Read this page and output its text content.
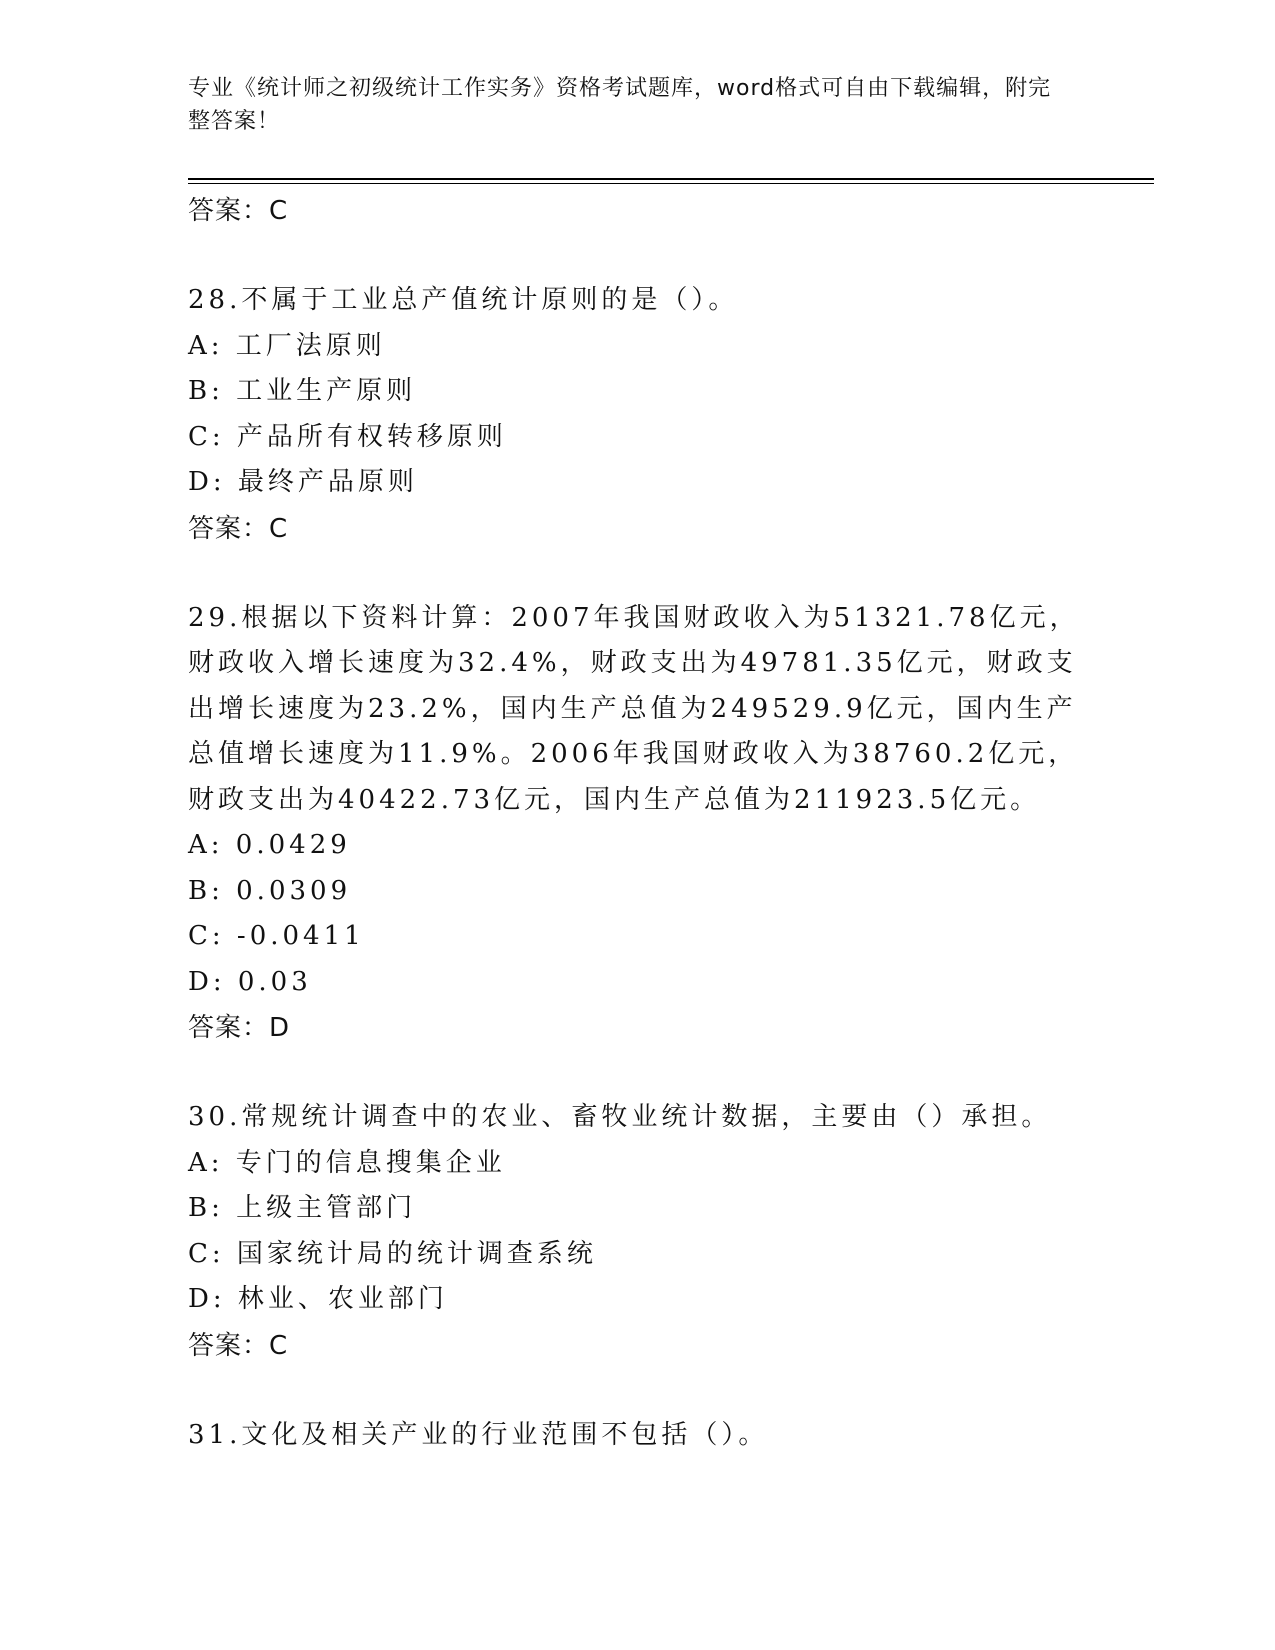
专业《统计师之初级统计工作实务》资格考试题库，word格式可自由下载编辑，附完整答案！
答案：C
28.不属于工业总产值统计原则的是（）。
A: 工厂法原则
B: 工业生产原则
C: 产品所有权转移原则
D: 最终产品原则
答案：C
29.根据以下资料计算：2007年我国财政收入为51321.78亿元，财政收入增长速度为32.4%，财政支出为49781.35亿元，财政支出增长速度为23.2%，国内生产总值为249529.9亿元，国内生产总值增长速度为11.9%。2006年我国财政收入为38760.2亿元，财政支出为40422.73亿元，国内生产总值为211923.5亿元。
A: 0.0429
B: 0.0309
C: -0.0411
D: 0.03
答案：D
30.常规统计调查中的农业、畜牧业统计数据，主要由（）承担。
A: 专门的信息搜集企业
B: 上级主管部门
C: 国家统计局的统计调查系统
D: 林业、农业部门
答案：C
31.文化及相关产业的行业范围不包括（）。
